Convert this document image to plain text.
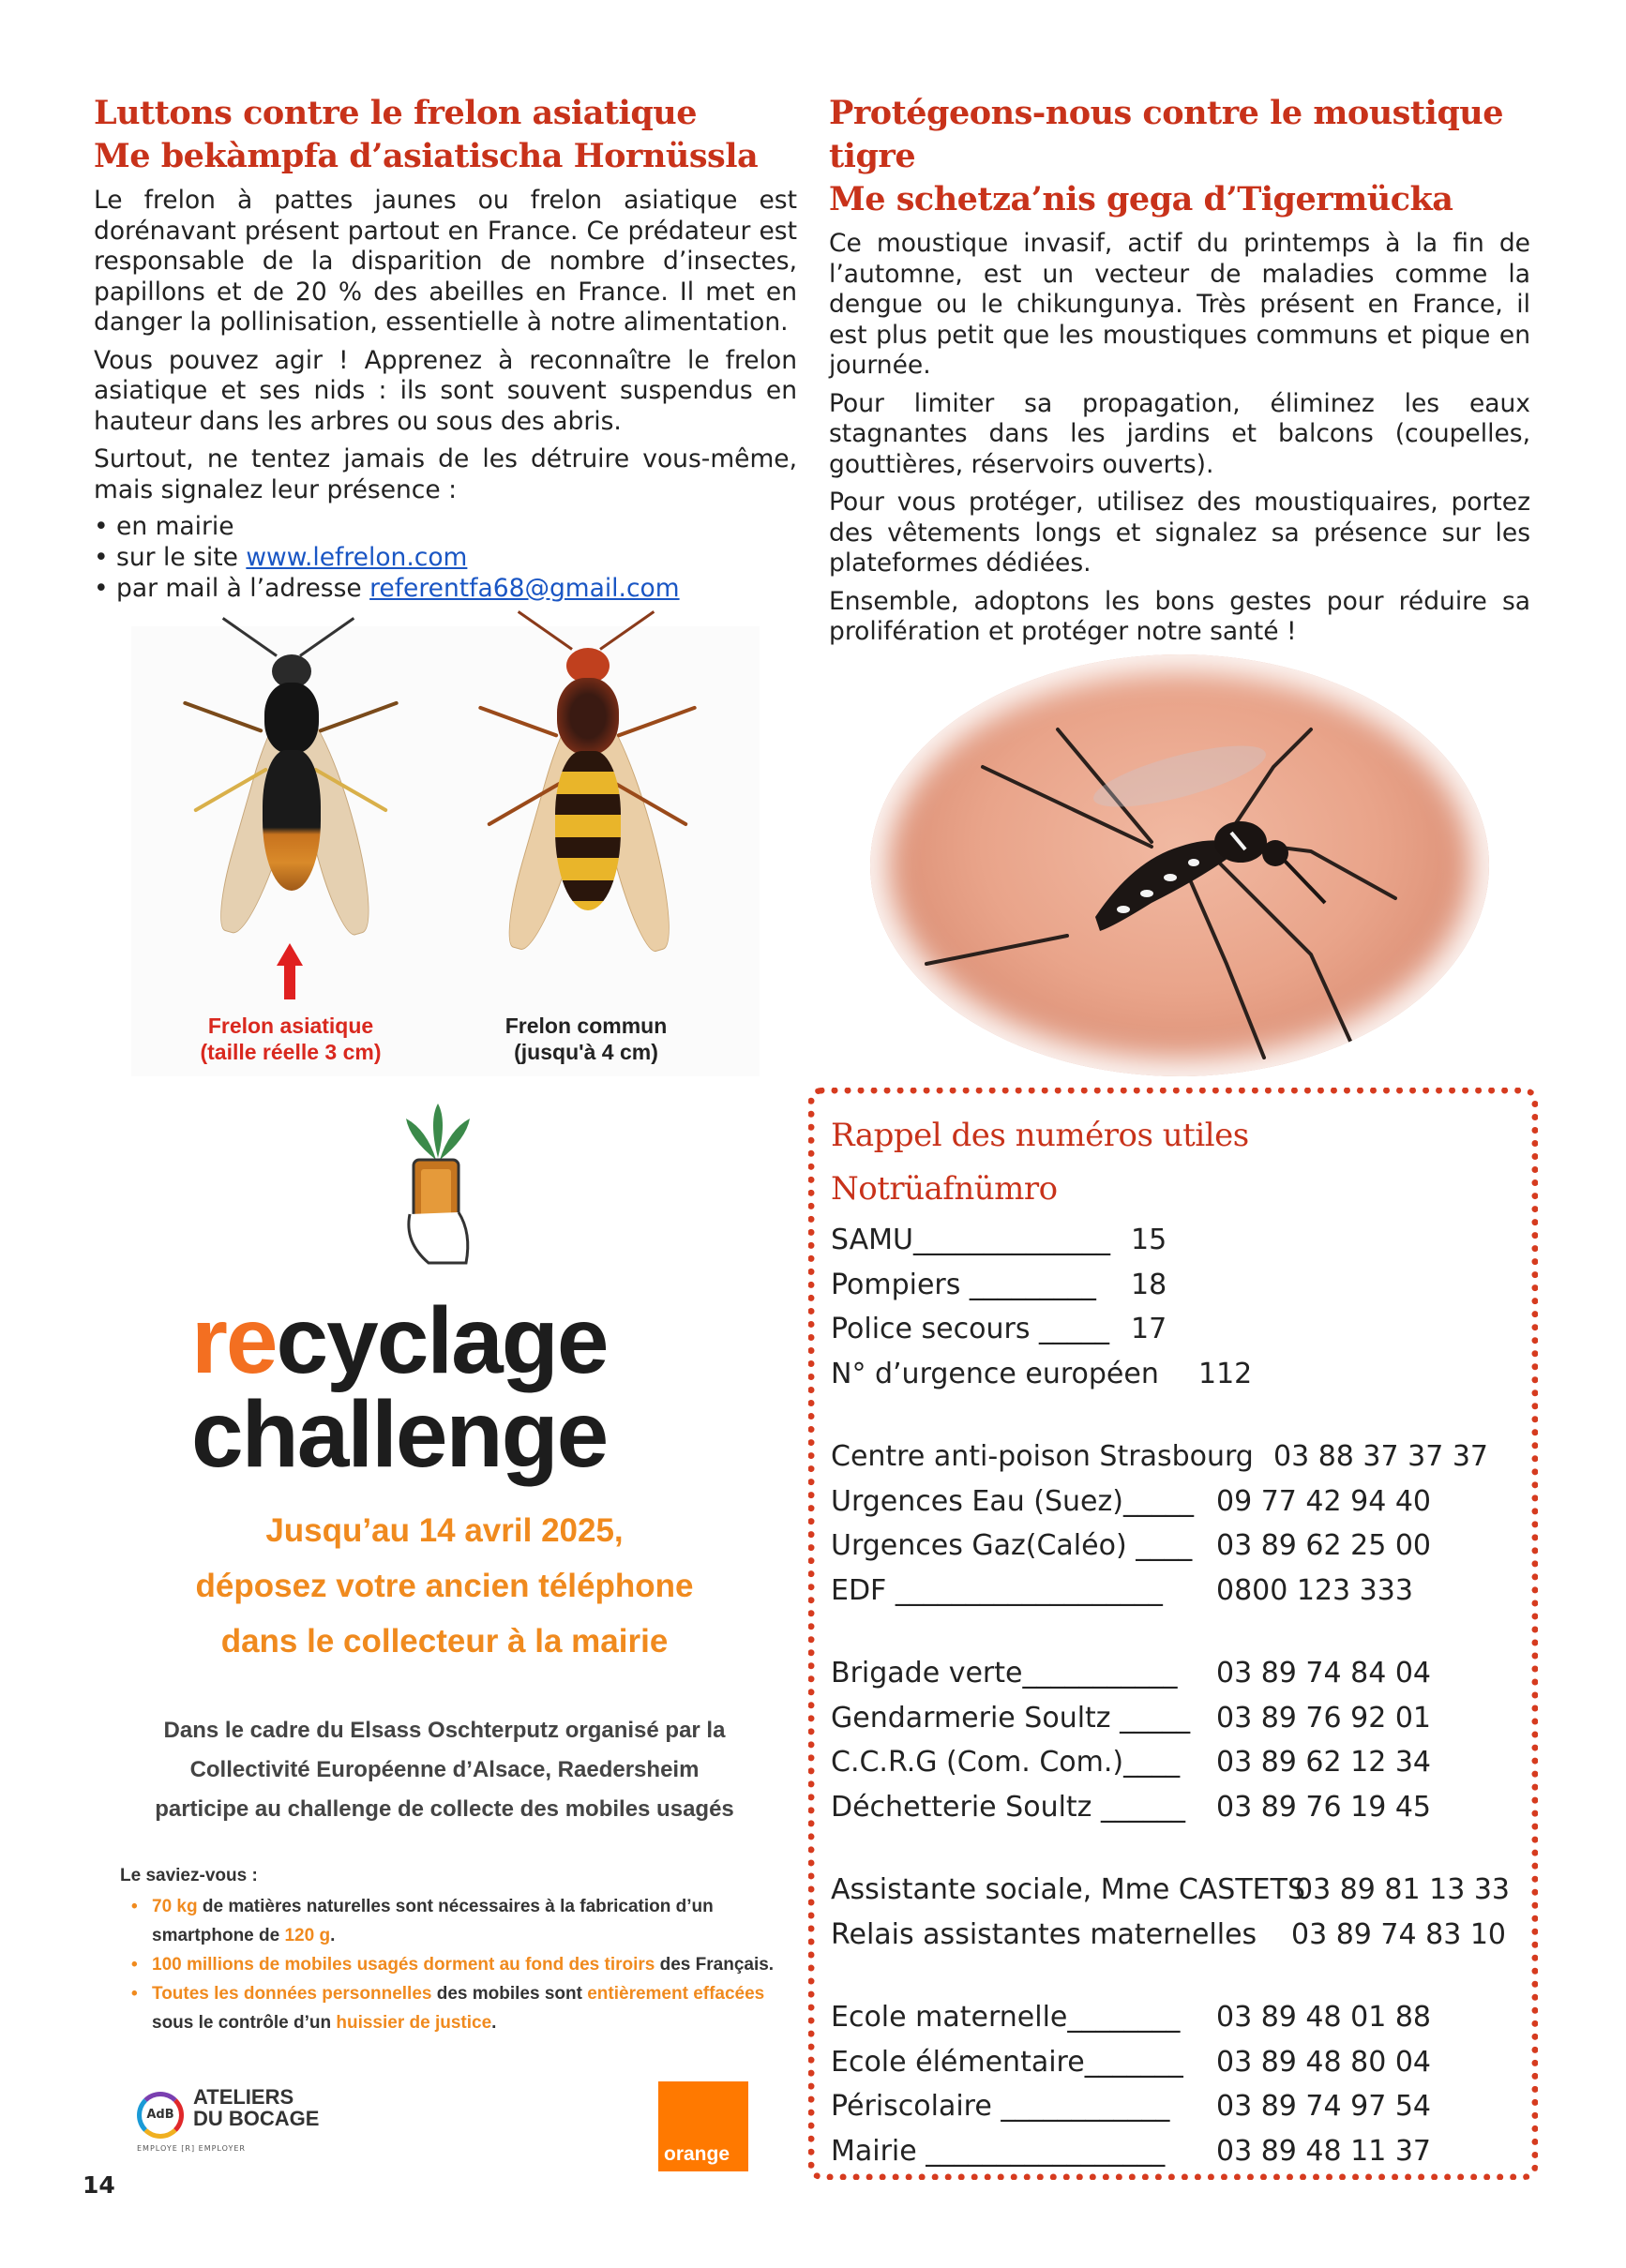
Luttons contre le frelon asiatique
Me bekàmpfa d’asiatischa Hornüssla

Le frelon à pattes jaunes ou frelon asiatique est dorénavant présent partout en France. Ce prédateur est responsable de la disparition de nombre d’insectes, papillons et de 20 % des abeilles en France. Il met en danger la pollinisation, essentielle à notre alimentation.

Vous pouvez agir ! Apprenez à reconnaître le frelon asiatique et ses nids : ils sont souvent suspendus en hauteur dans les arbres ou sous des abris.

Surtout, ne tentez jamais de les détruire vous-même, mais signalez leur présence :

• en mairie
• sur le site www.lefrelon.com
• par mail à l’adresse referentfa68@gmail.com
Frelon asiatique
(taille réelle 3 cm)
Frelon commun
(jusqu'à 4 cm)
Protégeons-nous contre le moustique tigre
Me schetza’nis gega d’Tigermücka

Ce moustique invasif, actif du printemps à la fin de l’automne, est un vecteur de maladies comme la dengue ou le chikungunya. Très présent en France, il est plus petit que les moustiques communs et pique en journée.

Pour limiter sa propagation, éliminez les eaux stagnantes dans les jardins et balcons (coupelles, gouttières, réservoirs ouverts).

Pour vous protéger, utilisez des moustiquaires, portez des vêtements longs et signalez sa présence sur les plateformes dédiées.

Ensemble, adoptons les bons gestes pour réduire sa prolifération et protéger notre santé !

recyclage
challenge
Jusqu’au 14 avril 2025,
déposez votre ancien téléphone
dans le collecteur à la mairie
Dans le cadre du Elsass Oschterputz organisé par la
Collectivité Européenne d’Alsace, Raedersheim
participe au challenge de collecte des mobiles usagés
Le saviez-vous :
• 70 kg de matières naturelles sont nécessaires à la fabrication d’un smartphone de 120 g.
• 100 millions de mobiles usagés dorment au fond des tiroirs des Français.
• Toutes les données personnelles des mobiles sont entièrement effacées sous le contrôle d’un huissier de justice.
AdB
ATELIERS
DU BOCAGE
EMPLOYE [R] EMPLOYER	orange
Rappel des numéros utiles
Notrüafnümro
SAMU______________ 15
Pompiers _________ 18
Police secours _____ 17
N° d’urgence européen 112
Centre anti-poison Strasbourg 03 88 37 37 37
Urgences Eau (Suez)_____ 09 77 42 94 40
Urgences Gaz(Caléo) ____ 03 89 62 25 00
EDF ___________________ 0800 123 333
Brigade verte___________ 03 89 74 84 04
Gendarmerie Soultz _____ 03 89 76 92 01
C.C.R.G (Com. Com.)____ 03 89 62 12 34
Déchetterie Soultz ______ 03 89 76 19 45
Assistante sociale, Mme CASTETS
03 89 81 13 33
Relais assistantes maternelles 03 89 74 83 10
Ecole maternelle________ 03 89 48 01 88
Ecole élémentaire_______ 03 89 48 80 04
Périscolaire ____________ 03 89 74 97 54
Mairie _________________ 03 89 48 11 37
14
